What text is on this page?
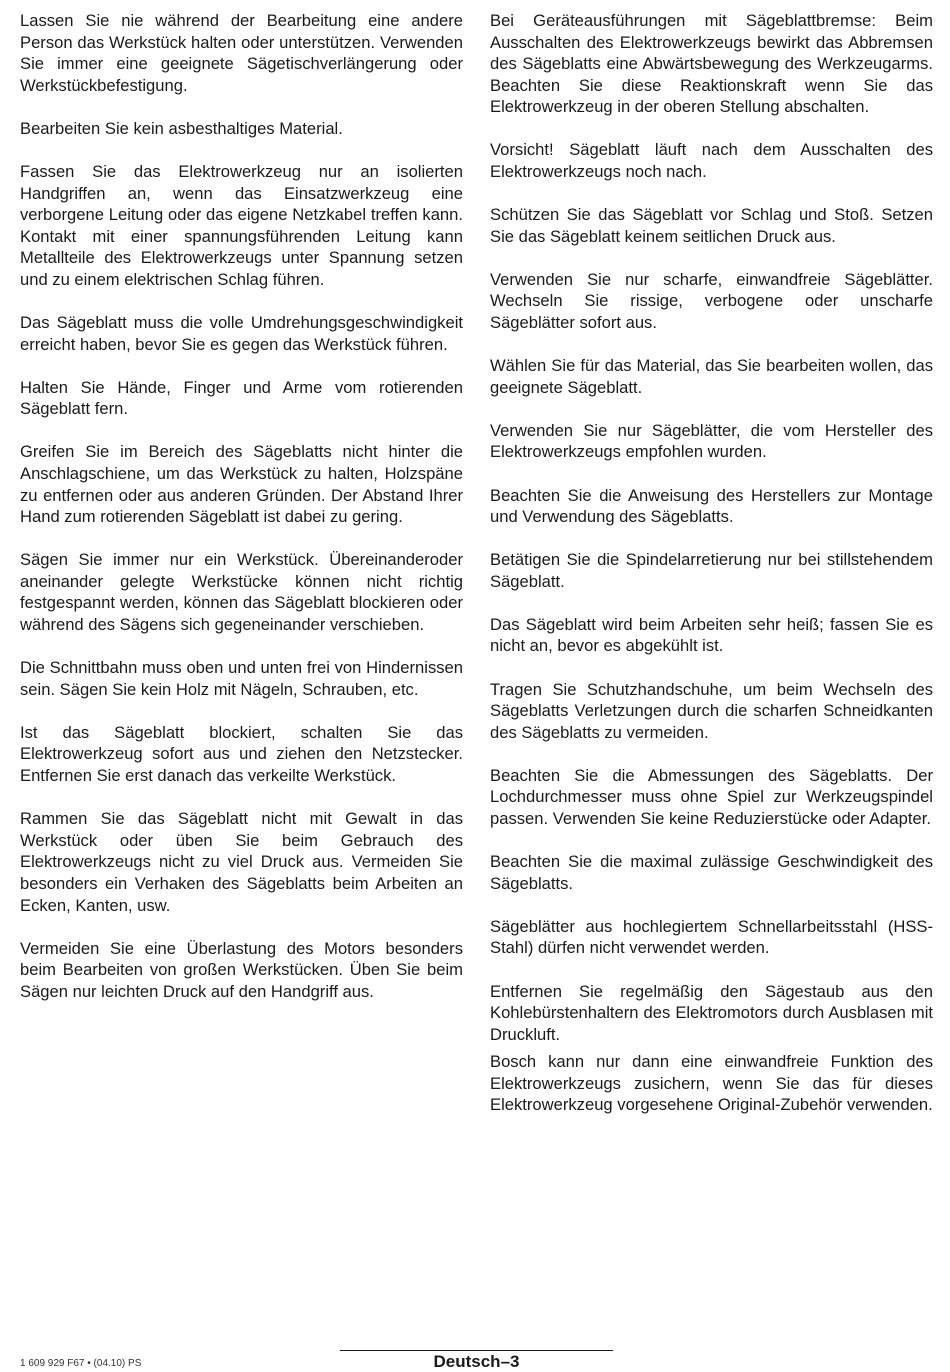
Lassen Sie nie während der Bearbeitung eine andere Person das Werkstück halten oder unterstützen. Verwenden Sie immer eine geeignete Sägetischverlängerung oder Werkstückbefestigung.

Bearbeiten Sie kein asbesthaltiges Material.

Fassen Sie das Elektrowerkzeug nur an isolierten Handgriffen an, wenn das Einsatzwerkzeug eine verborgene Leitung oder das eigene Netzkabel treffen kann. Kontakt mit einer spannungsführenden Leitung kann Metallteile des Elektrowerkzeugs unter Spannung setzen und zu einem elektrischen Schlag führen.

Das Sägeblatt muss die volle Umdrehungsgeschwindigkeit erreicht haben, bevor Sie es gegen das Werkstück führen.

Halten Sie Hände, Finger und Arme vom rotierenden Sägeblatt fern.

Greifen Sie im Bereich des Sägeblatts nicht hinter die Anschlagschiene, um das Werkstück zu halten, Holzspäne zu entfernen oder aus anderen Gründen. Der Abstand Ihrer Hand zum rotierenden Sägeblatt ist dabei zu gering.

Sägen Sie immer nur ein Werkstück. Übereinanderoder aneinander gelegte Werkstücke können nicht richtig festgespannt werden, können das Sägeblatt blockieren oder während des Sägens sich gegeneinander verschieben.

Die Schnittbahn muss oben und unten frei von Hindernissen sein. Sägen Sie kein Holz mit Nägeln, Schrauben, etc.

Ist das Sägeblatt blockiert, schalten Sie das Elektrowerkzeug sofort aus und ziehen den Netzstecker. Entfernen Sie erst danach das verkeilte Werkstück.

Rammen Sie das Sägeblatt nicht mit Gewalt in das Werkstück oder üben Sie beim Gebrauch des Elektrowerkzeugs nicht zu viel Druck aus. Vermeiden Sie besonders ein Verhaken des Sägeblatts beim Arbeiten an Ecken, Kanten, usw.

Vermeiden Sie eine Überlastung des Motors besonders beim Bearbeiten von großen Werkstücken. Üben Sie beim Sägen nur leichten Druck auf den Handgriff aus.

Bei Geräteausführungen mit Sägeblattbremse: Beim Ausschalten des Elektrowerkzeugs bewirkt das Abbremsen des Sägeblatts eine Abwärtsbewegung des Werkzeugarms. Beachten Sie diese Reaktionskraft wenn Sie das Elektrowerkzeug in der oberen Stellung abschalten.

Vorsicht! Sägeblatt läuft nach dem Ausschalten des Elektrowerkzeugs noch nach.

Schützen Sie das Sägeblatt vor Schlag und Stoß. Setzen Sie das Sägeblatt keinem seitlichen Druck aus.

Verwenden Sie nur scharfe, einwandfreie Sägeblätter. Wechseln Sie rissige, verbogene oder unscharfe Sägeblätter sofort aus.

Wählen Sie für das Material, das Sie bearbeiten wollen, das geeignete Sägeblatt.

Verwenden Sie nur Sägeblätter, die vom Hersteller des Elektrowerkzeugs empfohlen wurden.

Beachten Sie die Anweisung des Herstellers zur Montage und Verwendung des Sägeblatts.

Betätigen Sie die Spindelarretierung nur bei stillstehendem Sägeblatt.

Das Sägeblatt wird beim Arbeiten sehr heiß; fassen Sie es nicht an, bevor es abgekühlt ist.

Tragen Sie Schutzhandschuhe, um beim Wechseln des Sägeblatts Verletzungen durch die scharfen Schneidkanten des Sägeblatts zu vermeiden.

Beachten Sie die Abmessungen des Sägeblatts. Der Lochdurchmesser muss ohne Spiel zur Werkzeugspindel passen. Verwenden Sie keine Reduzierstücke oder Adapter.

Beachten Sie die maximal zulässige Geschwindigkeit des Sägeblatts.

Sägeblätter aus hochlegiertem Schnellarbeitsstahl (HSS-Stahl) dürfen nicht verwendet werden.

Entfernen Sie regelmäßig den Sägestaub aus den Kohlebürstenhaltern des Elektromotors durch Ausblasen mit Druckluft.

Bosch kann nur dann eine einwandfreie Funktion des Elektrowerkzeugs zusichern, wenn Sie das für dieses Elektrowerkzeug vorgesehene Original-Zubehör verwenden.

1 609 929 F67 • (04.10) PS	Deutsch–3
